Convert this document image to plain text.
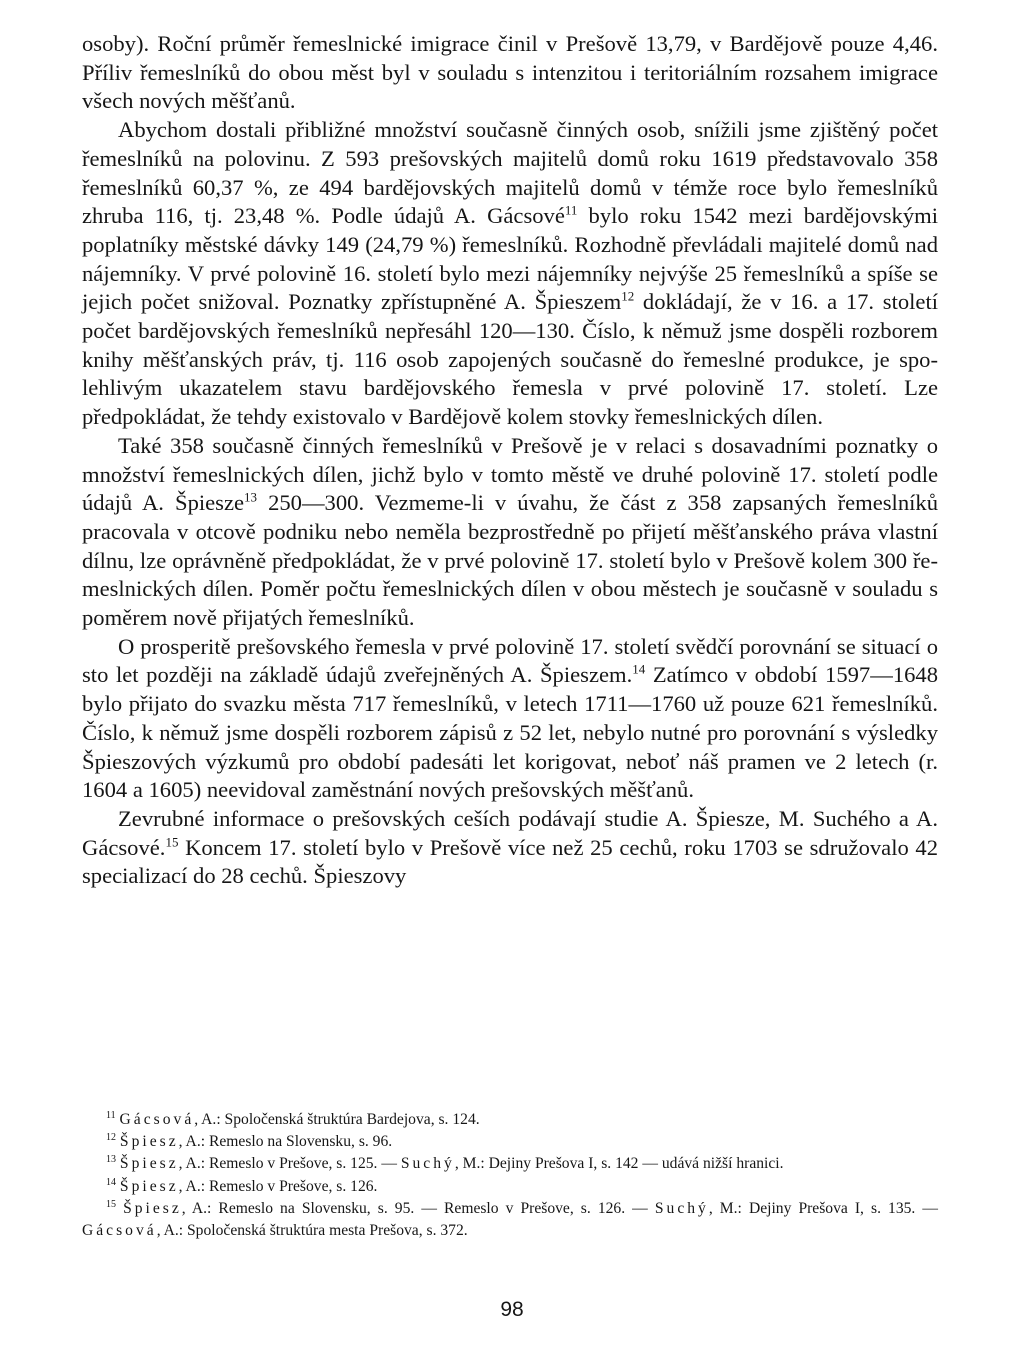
osoby). Roční průměr řemeslnické imigrace činil v Prešově 13,79, v Bardějově pouze 4,46. Příliv řemeslníků do obou měst byl v souladu s intenzitou i teritoriálním rozsahem imigrace všech nových měšťanů.

Abychom dostali přibližné množství současně činných osob, snížili jsme zjištěný počet řemeslníků na polovinu. Z 593 prešovských majitelů domů roku 1619 představovalo 358 řemeslníků 60,37 %, ze 494 bardějovských majitelů domů v témže roce bylo řemeslníků zhruba 116, tj. 23,48 %. Podle údajů A. Gácsové$^{11}$ bylo roku 1542 mezi bardějovskými poplatníky městské dávky 149 (24,79 %) řemeslníků. Rozhodně převládali majitelé domů nad nájemníky. V prvé polovině 16. století bylo mezi nájemníky nejvýše 25 řemeslníků a spíše se jejich počet snižoval. Poznatky zpřístupněné A. Špieszem$^{12}$ dokládají, že v 16. a 17. století počet bardějovských řemeslníků nepřesáhl 120—130. Číslo, k němuž jsme dospěli rozborem knihy měšťanských práv, tj. 116 osob zapojených současně do řemeslné produkce, je spolehlivým ukazatelem stavu bardějovského řemesla v prvé polovině 17. století. Lze předpokládat, že tehdy existovalo v Bardějově kolem stovky řemeslnických dílen.

Také 358 současně činných řemeslníků v Prešově je v relaci s dosavadními poznatky o množství řemeslnických dílen, jichž bylo v tomto městě ve druhé polovině 17. století podle údajů A. Špiesze$^{13}$ 250—300. Vezmeme-li v úvahu, že část z 358 zapsaných řemeslníků pracovala v otcově podniku nebo neměla bezprostředně po přijetí měšťanského práva vlastní dílnu, lze oprávněně předpokládat, že v prvé polovině 17. století bylo v Prešově kolem 300 řemeslnických dílen. Poměr počtu řemeslnických dílen v obou městech je současně v souladu s poměrem nově přijatých řemeslníků.

O prosperitě prešovského řemesla v prvé polovině 17. století svědčí porovnání se situací o sto let později na základě údajů zveřejněných A. Špieszem.$^{14}$ Zatímco v období 1597—1648 bylo přijato do svazku města 717 řemeslníků, v letech 1711—1760 už pouze 621 řemeslníků. Číslo, k němuž jsme dospěli rozborem zápisů z 52 let, nebylo nutné pro porovnání s výsledky Špieszových výzkumů pro období padesáti let korigovat, neboť náš pramen ve 2 letech (r. 1604 a 1605) neevidoval zaměstnání nových prešovských měšťanů.

Zevrubné informace o prešovských ceších podávají studie A. Špiesze, M. Suchého a A. Gácsové.$^{15}$ Koncem 17. století bylo v Prešově více než 25 cechů, roku 1703 se sdružovalo 42 specializací do 28 cechů. Špieszovy

$^{11}$ Gácsová, A.: Spoločenská štruktúra Bardejova, s. 124.

$^{12}$ Špiesz, A.: Remeslo na Slovensku, s. 96.

$^{13}$ Špiesz, A.: Remeslo v Prešove, s. 125. — Suchý, M.: Dejiny Prešova I, s. 142 — udává nižší hranici.

$^{14}$ Špiesz, A.: Remeslo v Prešove, s. 126.

$^{15}$ Špiesz, A.: Remeslo na Slovensku, s. 95. — Remeslo v Prešove, s. 126. — Suchý, M.: Dejiny Prešova I, s. 135. — Gácsová, A.: Spoločenská štruktúra mesta Prešova, s. 372.

98
